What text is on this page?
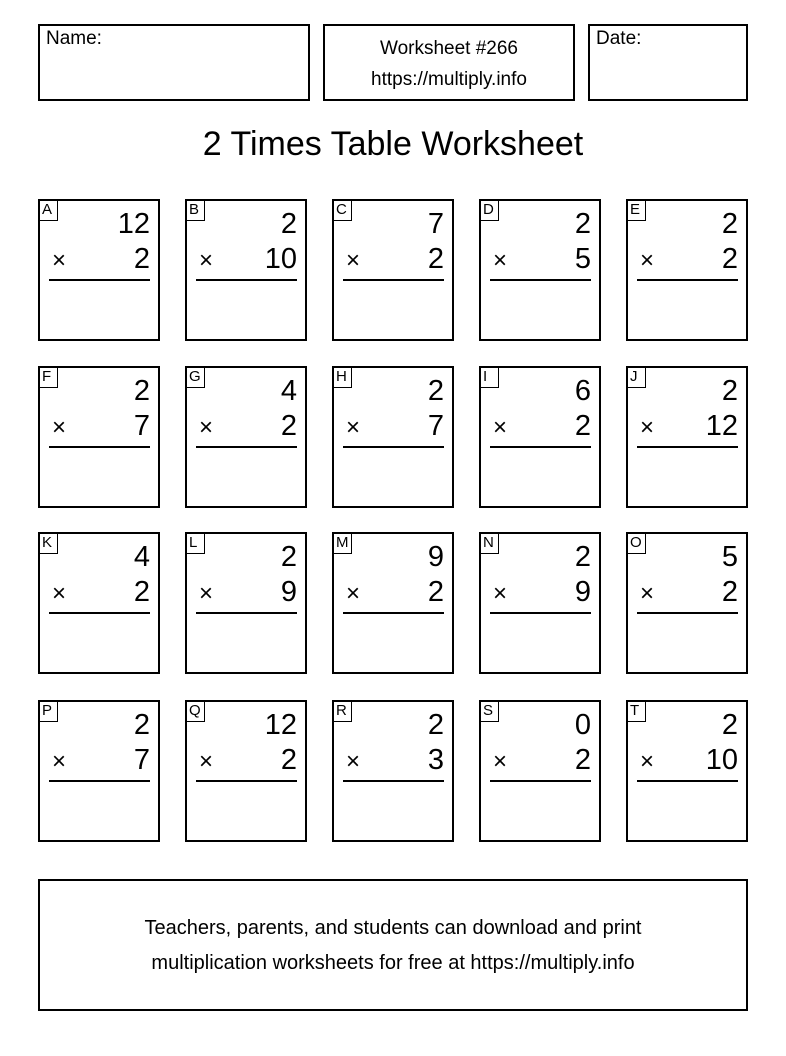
Name:	Worksheet #266
https://multiply.info
Date:
2 Times Table Worksheet
A 12
× 2
B	2
× 10
C	7
× 2
D	2
× 5
E	2
× 2
F	2
× 7
G	4
× 2
H	2
× 7
I	6
× 2
J	2
× 12
K	4
× 2
L	2
× 9
M	9
× 2
N	2
× 9
O	5
× 2
P	2
× 7
Q 12
× 2
R	2
× 3
S	0
× 2
T	2
× 10
Teachers, parents, and students can download and print
multiplication worksheets for free at https://multiply.info
